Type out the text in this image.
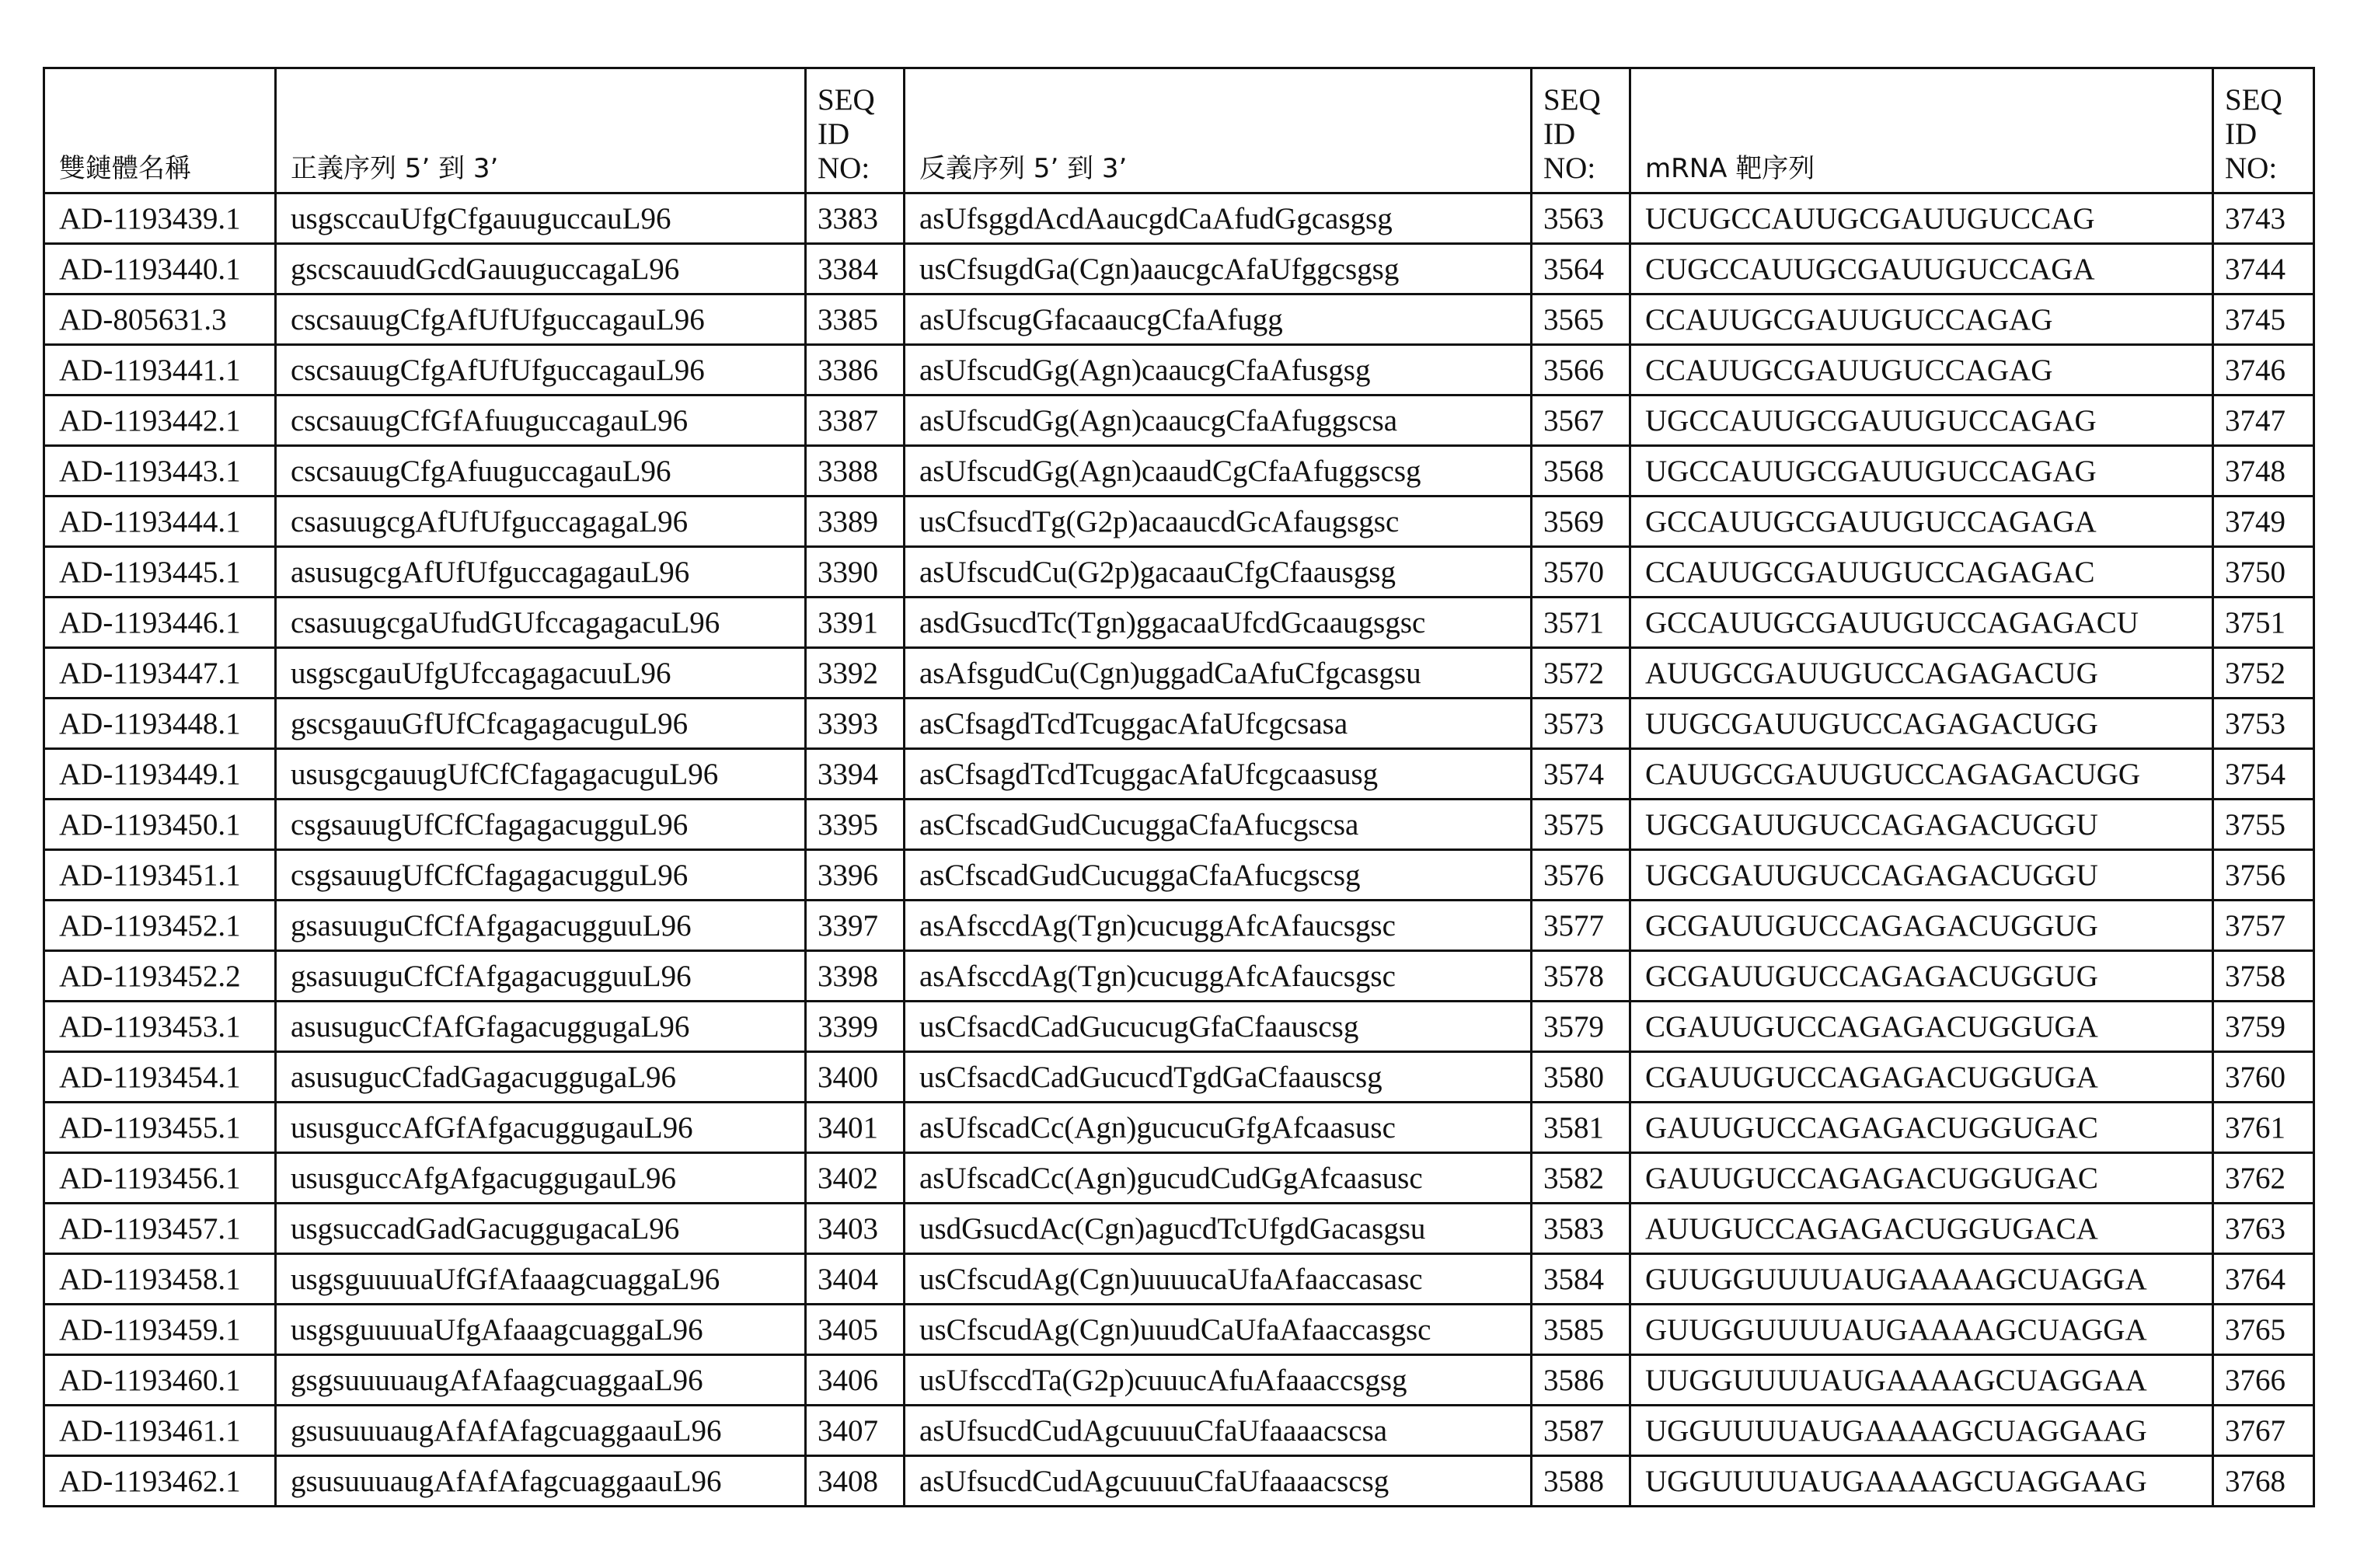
雙鏈體名稱	正義序列 5’ 到 3’	SEQ
ID
NO:	反義序列 5’ 到 3’	SEQ
ID
NO:	mRNA 靶序列	SEQ
ID
NO:
AD-1193439.1	usgsccauUfgCfgauuguccauL96	3383	asUfsggdAcdAaucgdCaAfudGgcasgsg	3563	UCUGCCAUUGCGAUUGUCCAG	3743
AD-1193440.1	gscscauudGcdGauuguccagaL96	3384	usCfsugdGa(Cgn)aaucgcAfaUfggcsgsg	3564	CUGCCAUUGCGAUUGUCCAGA	3744
AD-805631.3	cscsauugCfgAfUfUfguccagauL96	3385	asUfscugGfacaaucgCfaAfugg	3565	CCAUUGCGAUUGUCCAGAG	3745
AD-1193441.1	cscsauugCfgAfUfUfguccagauL96	3386	asUfscudGg(Agn)caaucgCfaAfusgsg	3566	CCAUUGCGAUUGUCCAGAG	3746
AD-1193442.1	cscsauugCfGfAfuuguccagauL96	3387	asUfscudGg(Agn)caaucgCfaAfuggscsa	3567	UGCCAUUGCGAUUGUCCAGAG	3747
AD-1193443.1	cscsauugCfgAfuuguccagauL96	3388	asUfscudGg(Agn)caaudCgCfaAfuggscsg	3568	UGCCAUUGCGAUUGUCCAGAG	3748
AD-1193444.1	csasuugcgAfUfUfguccagagaL96	3389	usCfsucdTg(G2p)acaaucdGcAfaugsgsc	3569	GCCAUUGCGAUUGUCCAGAGA	3749
AD-1193445.1	asusugcgAfUfUfguccagagauL96	3390	asUfscudCu(G2p)gacaauCfgCfaausgsg	3570	CCAUUGCGAUUGUCCAGAGAC	3750
AD-1193446.1	csasuugcgaUfudGUfccagagacuL96	3391	asdGsucdTc(Tgn)ggacaaUfcdGcaaugsgsc	3571	GCCAUUGCGAUUGUCCAGAGACU	3751
AD-1193447.1	usgscgauUfgUfccagagacuuL96	3392	asAfsgudCu(Cgn)uggadCaAfuCfgcasgsu	3572	AUUGCGAUUGUCCAGAGACUG	3752
AD-1193448.1	gscsgauuGfUfCfcagagacuguL96	3393	asCfsagdTcdTcuggacAfaUfcgcsasa	3573	UUGCGAUUGUCCAGAGACUGG	3753
AD-1193449.1	ususgcgauugUfCfCfagagacuguL96	3394	asCfsagdTcdTcuggacAfaUfcgcaasusg	3574	CAUUGCGAUUGUCCAGAGACUGG	3754
AD-1193450.1	csgsauugUfCfCfagagacugguL96	3395	asCfscadGudCucuggaCfaAfucgscsa	3575	UGCGAUUGUCCAGAGACUGGU	3755
AD-1193451.1	csgsauugUfCfCfagagacugguL96	3396	asCfscadGudCucuggaCfaAfucgscsg	3576	UGCGAUUGUCCAGAGACUGGU	3756
AD-1193452.1	gsasuuguCfCfAfgagacugguuL96	3397	asAfsccdAg(Tgn)cucuggAfcAfaucsgsc	3577	GCGAUUGUCCAGAGACUGGUG	3757
AD-1193452.2	gsasuuguCfCfAfgagacugguuL96	3398	asAfsccdAg(Tgn)cucuggAfcAfaucsgsc	3578	GCGAUUGUCCAGAGACUGGUG	3758
AD-1193453.1	asusugucCfAfGfagacuggugaL96	3399	usCfsacdCadGucucugGfaCfaauscsg	3579	CGAUUGUCCAGAGACUGGUGA	3759
AD-1193454.1	asusugucCfadGagacuggugaL96	3400	usCfsacdCadGucucdTgdGaCfaauscsg	3580	CGAUUGUCCAGAGACUGGUGA	3760
AD-1193455.1	ususguccAfGfAfgacuggugauL96	3401	asUfscadCc(Agn)gucucuGfgAfcaasusc	3581	GAUUGUCCAGAGACUGGUGAC	3761
AD-1193456.1	ususguccAfgAfgacuggugauL96	3402	asUfscadCc(Agn)gucudCudGgAfcaasusc	3582	GAUUGUCCAGAGACUGGUGAC	3762
AD-1193457.1	usgsuccadGadGacuggugacaL96	3403	usdGsucdAc(Cgn)agucdTcUfgdGacasgsu	3583	AUUGUCCAGAGACUGGUGACA	3763
AD-1193458.1	usgsguuuuaUfGfAfaaagcuaggaL96	3404	usCfscudAg(Cgn)uuuucaUfaAfaaccasasc	3584	GUUGGUUUUAUGAAAAGCUAGGA	3764
AD-1193459.1	usgsguuuuaUfgAfaaagcuaggaL96	3405	usCfscudAg(Cgn)uuudCaUfaAfaaccasgsc	3585	GUUGGUUUUAUGAAAAGCUAGGA	3765
AD-1193460.1	gsgsuuuuaugAfAfaagcuaggaaL96	3406	usUfsccdTa(G2p)cuuucAfuAfaaaccsgsg	3586	UUGGUUUUAUGAAAAGCUAGGAA	3766
AD-1193461.1	gsusuuuaugAfAfAfagcuaggaauL96	3407	asUfsucdCudAgcuuuuCfaUfaaaacscsa	3587	UGGUUUUAUGAAAAGCUAGGAAG	3767
AD-1193462.1	gsusuuuaugAfAfAfagcuaggaauL96	3408	asUfsucdCudAgcuuuuCfaUfaaaacscsg	3588	UGGUUUUAUGAAAAGCUAGGAAG	3768
